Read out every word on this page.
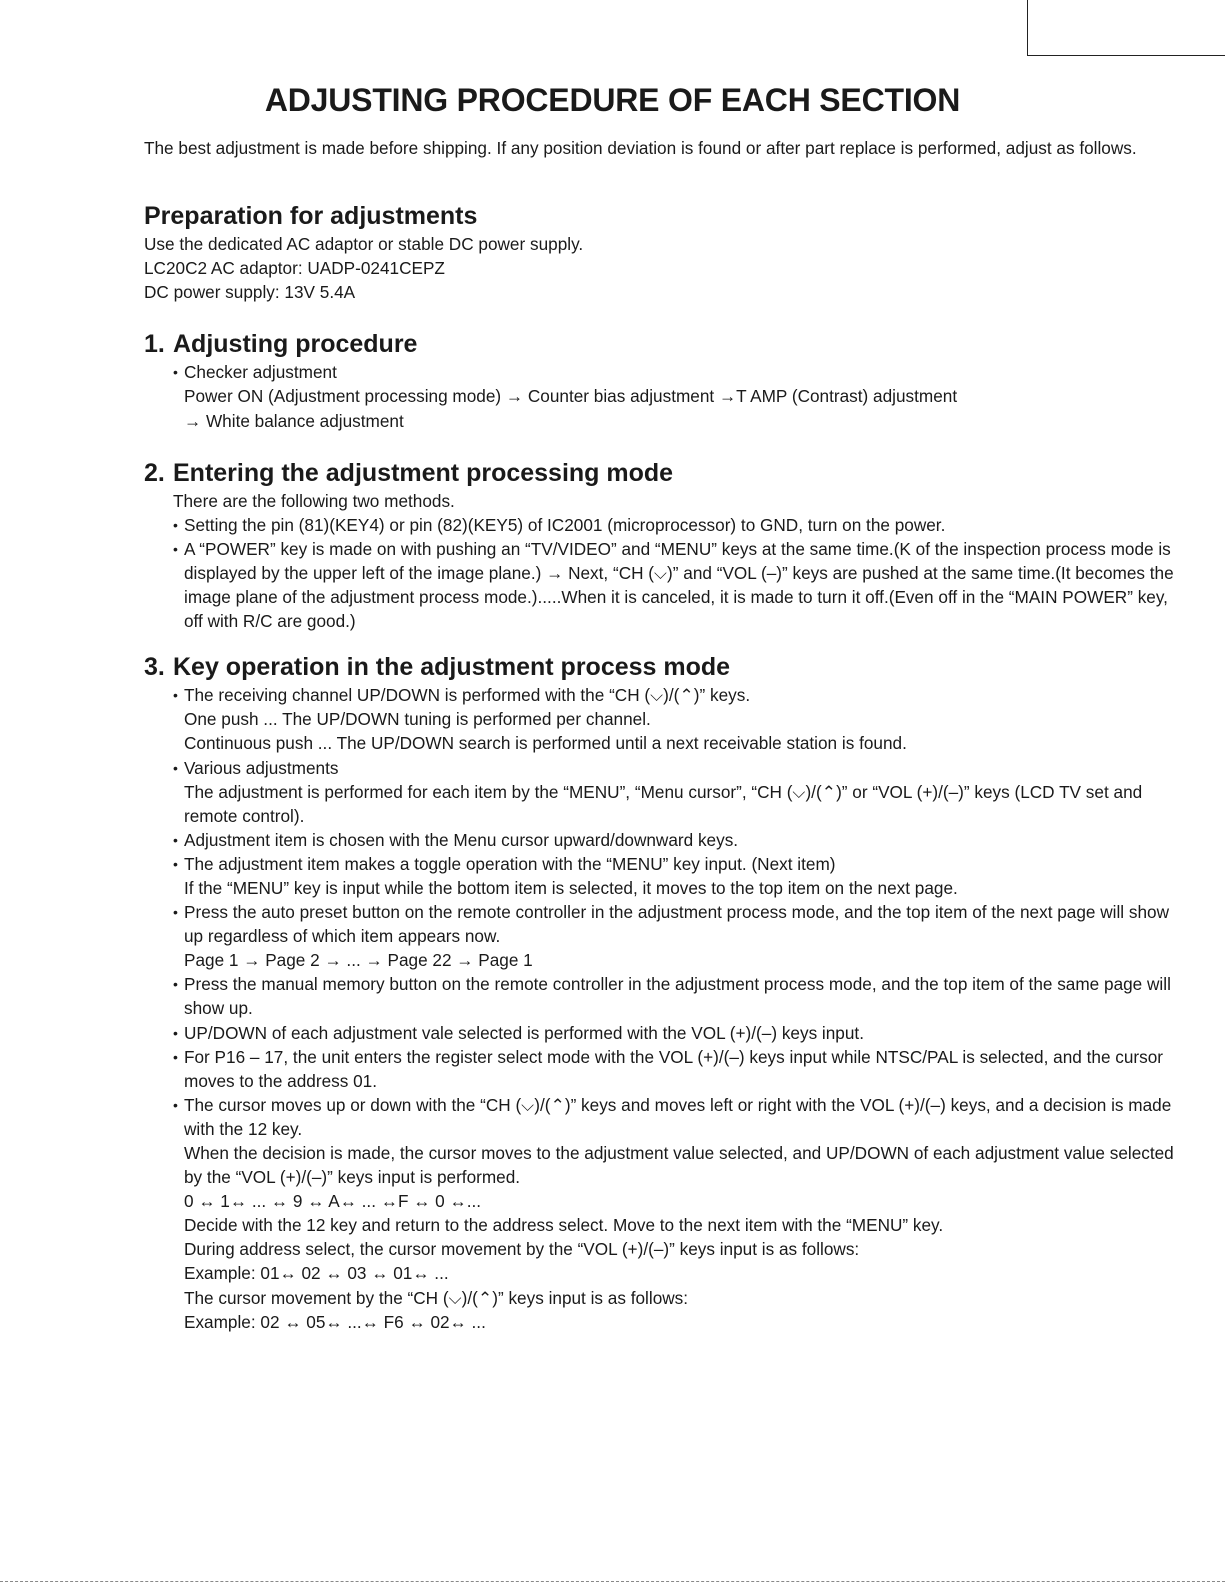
ADJUSTING PROCEDURE OF EACH SECTION

The best adjustment is made before shipping. If any position deviation is found or after part replace is performed, adjust as follows.

Preparation for adjustments

Use the dedicated AC adaptor or stable DC power supply.

LC20C2 AC adaptor: UADP-0241CEPZ

DC power supply: 13V 5.4A

1. Adjusting procedure

• Checker adjustment

Power ON (Adjustment processing mode) → Counter bias adjustment →T AMP (Contrast) adjustment

→ White balance adjustment

2. Entering the adjustment processing mode

There are the following two methods.

• Setting the pin (81)(KEY4) or pin (82)(KEY5) of IC2001 (microprocessor) to GND, turn on the power.
• A “POWER” key is made on with pushing an “TV/VIDEO” and “MENU” keys at the same time.(K of the inspection process mode is displayed by the upper left of the image plane.) → Next, “CH (⌵)” and “VOL (–)” keys are pushed at the same time.(It becomes the image plane of the adjustment process mode.).....When it is canceled, it is made to turn it off.(Even off in the “MAIN POWER” key, off with R/C are good.)
3. Key operation in the adjustment process mode

• The receiving channel UP/DOWN is performed with the “CH (⌵)/(⌃)” keys.

One push ... The UP/DOWN tuning is performed per channel.

Continuous push ... The UP/DOWN search is performed until a next receivable station is found.

• Various adjustments

The adjustment is performed for each item by the “MENU”, “Menu cursor”, “CH (⌵)/(⌃)” or “VOL (+)/(–)” keys (LCD TV set and remote control).

• Adjustment item is chosen with the Menu cursor upward/downward keys.

• The adjustment item makes a toggle operation with the “MENU” key input. (Next item)

If the “MENU” key is input while the bottom item is selected, it moves to the top item on the next page.

• Press the auto preset button on the remote controller in the adjustment process mode, and the top item of the next page will show up regardless of which item appears now.

Page 1 → Page 2 → ... → Page 22 → Page 1

• Press the manual memory button on the remote controller in the adjustment process mode, and the top item of the same page will show up.

• UP/DOWN of each adjustment vale selected is performed with the VOL (+)/(–) keys input.

• For P16 – 17, the unit enters the register select mode with the VOL (+)/(–) keys input while NTSC/PAL is selected, and the cursor moves to the address 01.

• The cursor moves up or down with the “CH (⌵)/(⌃)” keys and moves left or right with the VOL (+)/(–) keys, and a decision is made with the 12 key.

When the decision is made, the cursor moves to the adjustment value selected, and UP/DOWN of each adjustment value selected by the “VOL (+)/(–)” keys input is performed.

0 ↔ 1↔ ... ↔ 9 ↔ A↔ ... ↔F ↔ 0 ↔...

Decide with the 12 key and return to the address select. Move to the next item with the “MENU” key.

During address select, the cursor movement by the “VOL (+)/(–)” keys input is as follows:

Example: 01↔ 02 ↔ 03 ↔ 01↔ ...

The cursor movement by the “CH (⌵)/(⌃)” keys input is as follows:

Example: 02 ↔ 05↔ ...↔ F6 ↔ 02↔ ...
